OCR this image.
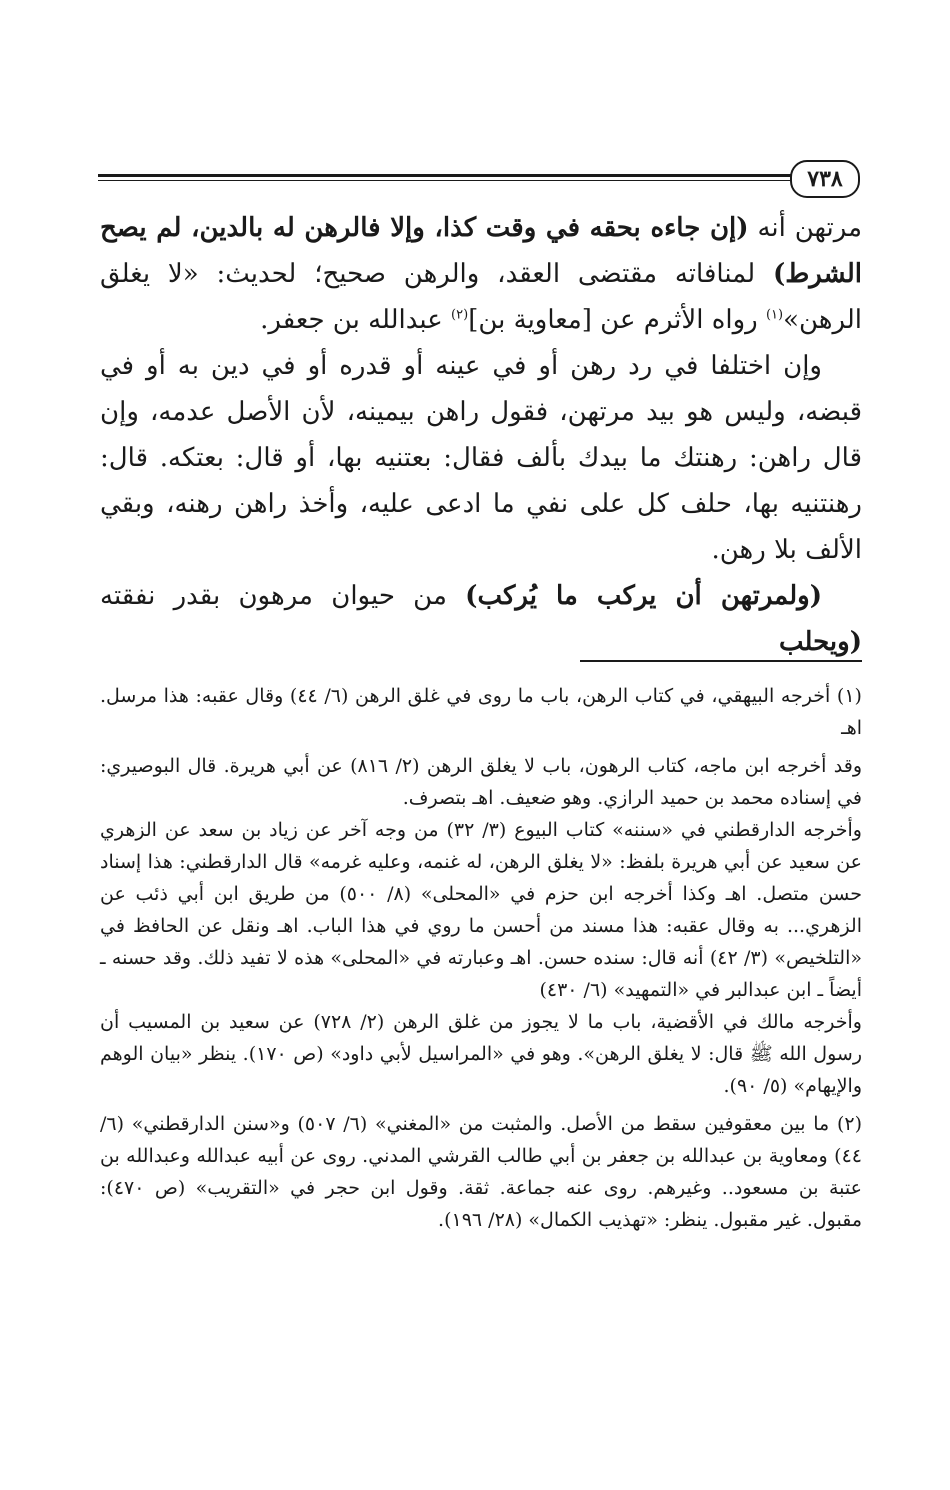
٧٣٨

مرتهن أنه (إن جاءه بحقه في وقت كذا، وإلا فالرهن له بالدين، لم يصح الشرط) لمنافاته مقتضى العقد، والرهن صحيح؛ لحديث: «لا يغلق الرهن»$^{(١)}$ رواه الأثرم عن [معاوية بن]$^{(٢)}$ عبدالله بن جعفر.

وإن اختلفا في رد رهن أو في عينه أو قدره أو في دين به أو في قبضه، وليس هو بيد مرتهن، فقول راهن بيمينه، لأن الأصل عدمه، وإن قال راهن: رهنتك ما بيدك بألف فقال: بعتنيه بها، أو قال: بعتكه. قال: رهنتنيه بها، حلف كل على نفي ما ادعى عليه، وأخذ راهن رهنه، وبقي الألف بلا رهن.

(ولمرتهن أن يركب ما يُركب) من حيوان مرهون بقدر نفقته (ويحلب

(١) أخرجه البيهقي، في كتاب الرهن، باب ما روى في غلق الرهن (٦/ ٤٤) وقال عقبه: هذا مرسل. اهـ

وقد أخرجه ابن ماجه، كتاب الرهون، باب لا يغلق الرهن (٢/ ٨١٦) عن أبي هريرة. قال البوصيري: في إسناده محمد بن حميد الرازي. وهو ضعيف. اهـ بتصرف.

وأخرجه الدارقطني في «سننه» كتاب البيوع (٣/ ٣٢) من وجه آخر عن زياد بن سعد عن الزهري عن سعيد عن أبي هريرة بلفظ: «لا يغلق الرهن، له غنمه، وعليه غرمه» قال الدارقطني: هذا إسناد حسن متصل. اهـ وكذا أخرجه ابن حزم في «المحلى» (٨/ ٥٠٠) من طريق ابن أبي ذئب عن الزهري... به وقال عقبه: هذا مسند من أحسن ما روي في هذا الباب. اهـ ونقل عن الحافظ في «التلخيص» (٣/ ٤٢) أنه قال: سنده حسن. اهـ وعبارته في «المحلى» هذه لا تفيد ذلك. وقد حسنه ـ أيضاً ـ ابن عبدالبر في «التمهيد» (٦/ ٤٣٠)

وأخرجه مالك في الأقضية، باب ما لا يجوز من غلق الرهن (٢/ ٧٢٨) عن سعيد بن المسيب أن رسول الله ﷺ قال: لا يغلق الرهن». وهو في «المراسيل لأبي داود» (ص ١٧٠). ينظر «بيان الوهم والإيهام» (٥/ ٩٠).

(٢) ما بين معقوفين سقط من الأصل. والمثبت من «المغني» (٦/ ٥٠٧) و«سنن الدارقطني» (٦/ ٤٤) ومعاوية بن عبدالله بن جعفر بن أبي طالب القرشي المدني. روى عن أبيه عبدالله وعبدالله بن عتبة بن مسعود.. وغيرهم. روى عنه جماعة. ثقة. وقول ابن حجر في «التقريب» (ص ٤٧٠): مقبول. غير مقبول. ينظر: «تهذيب الكمال» (٢٨/ ١٩٦).
